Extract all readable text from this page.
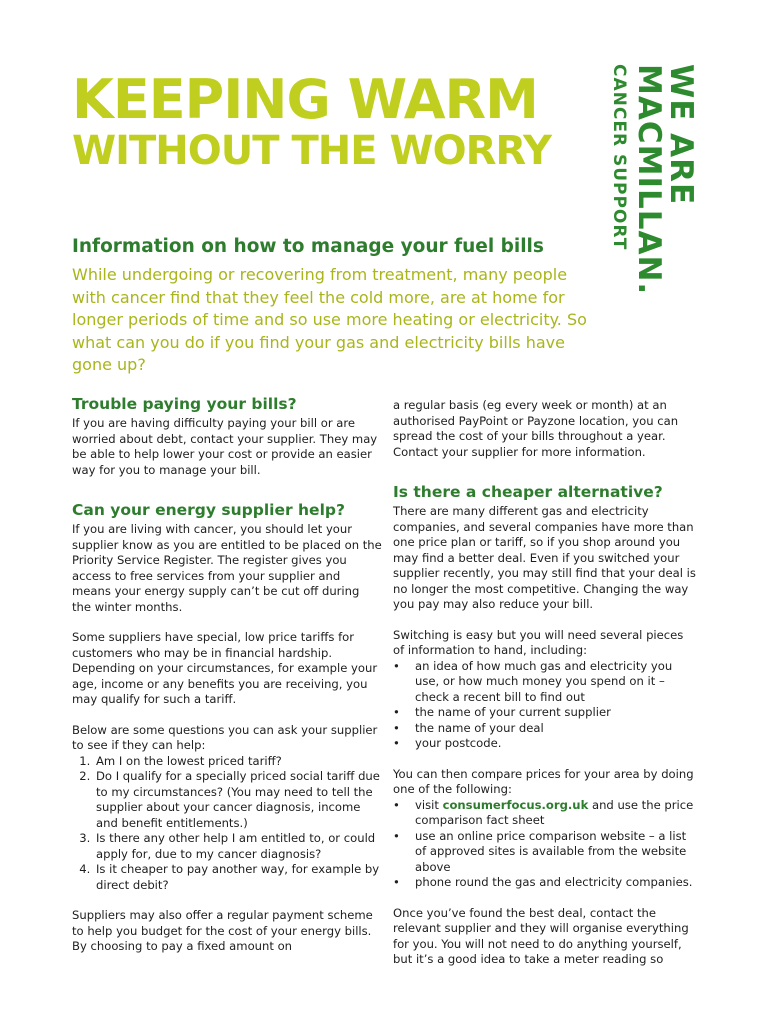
KEEPING WARM
WITHOUT THE WORRY	WE ARE
MACMILLAN.
CANCER SUPPORT
Information on how to manage your fuel bills
While undergoing or recovering from treatment, many people with cancer find that they feel the cold more, are at home for longer periods of time and so use more heating or electricity. So what can you do if you find your gas and electricity bills have gone up?
Trouble paying your bills?

If you are having difficulty paying your bill or are worried about debt, contact your supplier. They may be able to help lower your cost or provide an easier way for you to manage your bill.

Can your energy supplier help?

If you are living with cancer, you should let your supplier know as you are entitled to be placed on the Priority Service Register. The register gives you access to free services from your supplier and means your energy supply can’t be cut off during the winter months.

Some suppliers have special, low price tariffs for customers who may be in financial hardship. Depending on your circumstances, for example your age, income or any benefits you are receiving, you may qualify for such a tariff.

Below are some questions you can ask your supplier to see if they can help:

1. Am I on the lowest priced tariff?
2. Do I qualify for a specially priced social tariff due to my circumstances? (You may need to tell the supplier about your cancer diagnosis, income and benefit entitlements.)
3. Is there any other help I am entitled to, or could apply for, due to my cancer diagnosis?
4. Is it cheaper to pay another way, for example by direct debit?

Suppliers may also offer a regular payment scheme to help you budget for the cost of your energy bills. By choosing to pay a fixed amount on

a regular basis (eg every week or month) at an authorised PayPoint or Payzone location, you can spread the cost of your bills throughout a year. Contact your supplier for more information.

Is there a cheaper alternative?

There are many different gas and electricity companies, and several companies have more than one price plan or tariff, so if you shop around you may find a better deal. Even if you switched your supplier recently, you may still find that your deal is no longer the most competitive. Changing the way you pay may also reduce your bill.

Switching is easy but you will need several pieces of information to hand, including:

• an idea of how much gas and electricity you use, or how much money you spend on it – check a recent bill to find out
• the name of your current supplier
• the name of your deal
• your postcode.

You can then compare prices for your area by doing one of the following:

• visit consumerfocus.org.uk and use the price comparison fact sheet
• use an online price comparison website – a list of approved sites is available from the website above
• phone round the gas and electricity companies.

Once you’ve found the best deal, contact the relevant supplier and they will organise everything for you. You will not need to do anything yourself, but it’s a good idea to take a meter reading so
